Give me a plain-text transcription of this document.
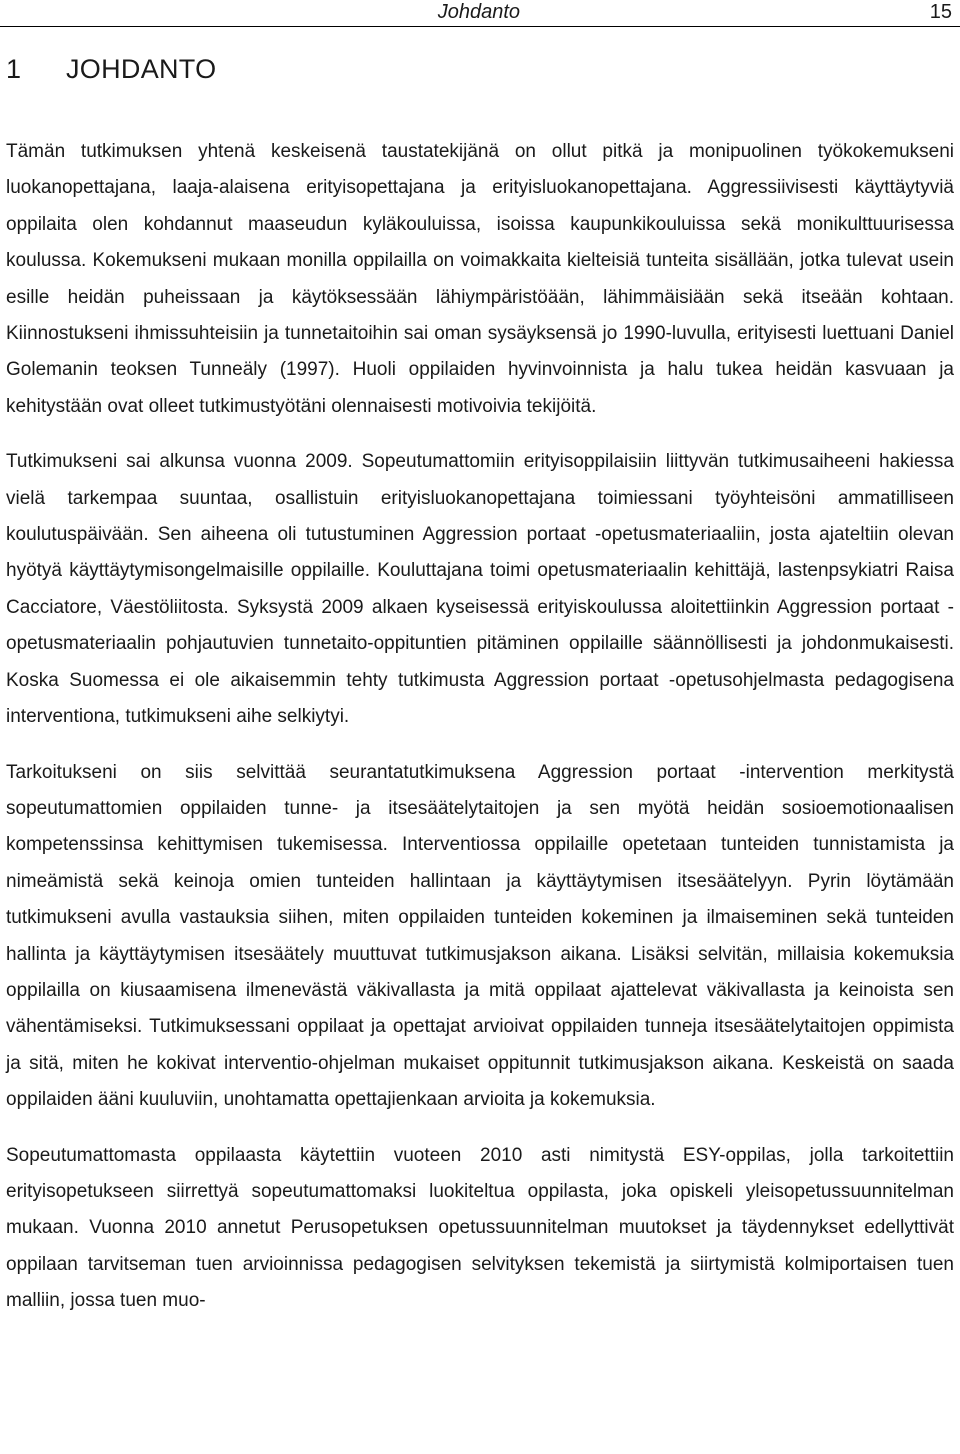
Johdanto	15
1 JOHDANTO

Tämän tutkimuksen yhtenä keskeisenä taustatekijänä on ollut pitkä ja monipuolinen työkokemukseni luokanopettajana, laaja-alaisena erityisopettajana ja erityisluokanopettajana. Aggressiivisesti käyttäytyviä oppilaita olen kohdannut maaseudun kyläkouluissa, isoissa kaupunkikouluissa sekä monikulttuurisessa koulussa. Kokemukseni mukaan monilla oppilailla on voimakkaita kielteisiä tunteita sisällään, jotka tulevat usein esille heidän puheissaan ja käytöksessään lähiympäristöään, lähimmäisiään sekä itseään kohtaan. Kiinnostukseni ihmissuhteisiin ja tunnetaitoihin sai oman sysäyksensä jo 1990-luvulla, erityisesti luettuani Daniel Golemanin teoksen Tunneäly (1997). Huoli oppilaiden hyvinvoinnista ja halu tukea heidän kasvuaan ja kehitystään ovat olleet tutkimustyötäni olennaisesti motivoivia tekijöitä.

Tutkimukseni sai alkunsa vuonna 2009. Sopeutumattomiin erityisoppilaisiin liittyvän tutkimusaiheeni hakiessa vielä tarkempaa suuntaa, osallistuin erityisluokanopettajana toimiessani työyhteisöni ammatilliseen koulutuspäivään. Sen aiheena oli tutustuminen Aggression portaat -opetusmateriaaliin, josta ajateltiin olevan hyötyä käyttäytymisongelmaisille oppilaille. Kouluttajana toimi opetusmateriaalin kehittäjä, lastenpsykiatri Raisa Cacciatore, Väestöliitosta. Syksystä 2009 alkaen kyseisessä erityiskoulussa aloitettiinkin Aggression portaat -opetusmateriaalin pohjautuvien tunnetaito-oppituntien pitäminen oppilaille säännöllisesti ja johdonmukaisesti. Koska Suomessa ei ole aikaisemmin tehty tutkimusta Aggression portaat -opetusohjelmasta pedagogisena interventiona, tutkimukseni aihe selkiytyi.

Tarkoitukseni on siis selvittää seurantatutkimuksena Aggression portaat -intervention merkitystä sopeutumattomien oppilaiden tunne- ja itsesäätelytaitojen ja sen myötä heidän sosioemotionaalisen kompetenssinsa kehittymisen tukemisessa. Interventiossa oppilaille opetetaan tunteiden tunnistamista ja nimeämistä sekä keinoja omien tunteiden hallintaan ja käyttäytymisen itsesäätelyyn. Pyrin löytämään tutkimukseni avulla vastauksia siihen, miten oppilaiden tunteiden kokeminen ja ilmaiseminen sekä tunteiden hallinta ja käyttäytymisen itsesäätely muuttuvat tutkimusjakson aikana. Lisäksi selvitän, millaisia kokemuksia oppilailla on kiusaamisena ilmenevästä väkivallasta ja mitä oppilaat ajattelevat väkivallasta ja keinoista sen vähentämiseksi. Tutkimuksessani oppilaat ja opettajat arvioivat oppilaiden tunneja itsesäätelytaitojen oppimista ja sitä, miten he kokivat interventio-ohjelman mukaiset oppitunnit tutkimusjakson aikana. Keskeistä on saada oppilaiden ääni kuuluviin, unohtamatta opettajienkaan arvioita ja kokemuksia.

Sopeutumattomasta oppilaasta käytettiin vuoteen 2010 asti nimitystä ESY-oppilas, jolla tarkoitettiin erityisopetukseen siirrettyä sopeutumattomaksi luokiteltua oppilasta, joka opiskeli yleisopetussuunnitelman mukaan. Vuonna 2010 annetut Perusopetuksen opetussuunnitelman muutokset ja täydennykset edellyttivät oppilaan tarvitseman tuen arvioinnissa pedagogisen selvityksen tekemistä ja siirtymistä kolmiportaisen tuen malliin, jossa tuen muo-
